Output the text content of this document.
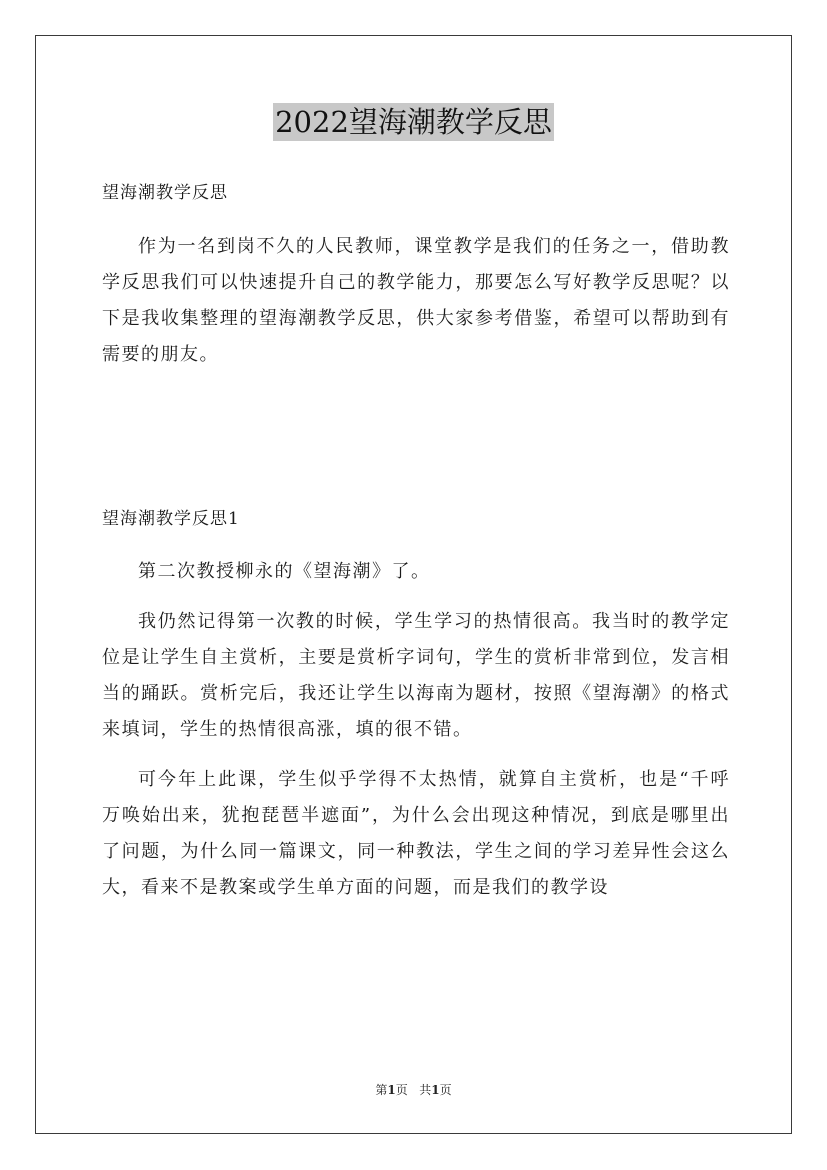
2022望海潮教学反思
望海潮教学反思

作为一名到岗不久的人民教师，课堂教学是我们的任务之一，借助教学反思我们可以快速提升自己的教学能力，那要怎么写好教学反思呢？以下是我收集整理的望海潮教学反思，供大家参考借鉴，希望可以帮助到有需要的朋友。

望海潮教学反思1

第二次教授柳永的《望海潮》了。

我仍然记得第一次教的时候，学生学习的热情很高。我当时的教学定位是让学生自主赏析，主要是赏析字词句，学生的赏析非常到位，发言相当的踊跃。赏析完后，我还让学生以海南为题材，按照《望海潮》的格式来填词，学生的热情很高涨，填的很不错。

可今年上此课，学生似乎学得不太热情，就算自主赏析，也是“千呼万唤始出来，犹抱琵琶半遮面”，为什么会出现这种情况，到底是哪里出了问题，为什么同一篇课文，同一种教法，学生之间的学习差异性会这么大，看来不是教案或学生单方面的问题，而是我们的教学设

第1页 共1页
